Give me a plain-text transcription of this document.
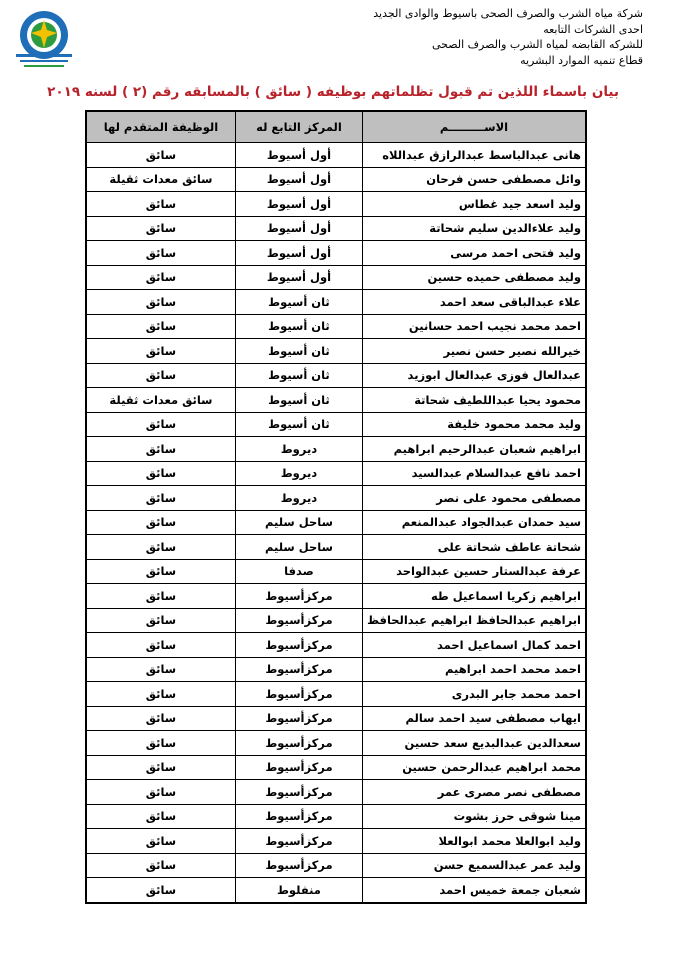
شركة مياه الشرب والصرف الصحى باسيوط والوادى الجديد
احدى الشركات التابعه
للشركه القابضه لمياه الشرب والصرف الصحى
قطاع تنميه الموارد البشريه
بيان باسماء اللذين تم قبول تظلماتهم بوظيفه ( سائق ) بالمسابقه رقم (٢ ) لسنه ٢٠١٩
الاســـــــــم	المركز التابع له	الوظيفة المتقدم لها
هانى عبدالباسط عبدالرازق عبداللاه	أول أسيوط	سائق
وائل مصطفى حسن فرحان	أول أسيوط	سائق معدات ثقيلة
وليد اسعد جيد غطاس	أول أسيوط	سائق
وليد علاءالدين سليم شحاتة	أول أسيوط	سائق
وليد فتحى احمد مرسى	أول أسيوط	سائق
وليد مصطفى حميده حسين	أول أسيوط	سائق
علاء عبدالباقى سعد احمد	ثان أسيوط	سائق
احمد محمد نجيب احمد حسانين	ثان أسيوط	سائق
خيرالله نصير حسن نصير	ثان أسيوط	سائق
عبدالعال فوزى عبدالعال ابوزيد	ثان أسيوط	سائق
محمود يحيا عبداللطيف شحاتة	ثان أسيوط	سائق معدات ثقيلة
وليد محمد محمود خليفة	ثان أسيوط	سائق
ابراهيم شعبان عبدالرحيم ابراهيم	ديروط	سائق
احمد نافع عبدالسلام عبدالسيد	ديروط	سائق
مصطفى محمود على نصر	ديروط	سائق
سيد حمدان عبدالجواد عبدالمنعم	ساحل سليم	سائق
شحاتة عاطف شحاتة على	ساحل سليم	سائق
عرفة عبدالستار حسين عبدالواحد	صدفا	سائق
ابراهيم زكريا اسماعيل طه	مركزأسيوط	سائق
ابراهيم عبدالحافظ ابراهيم عبدالحافظ	مركزأسيوط	سائق
احمد كمال اسماعيل احمد	مركزأسيوط	سائق
احمد محمد احمد ابراهيم	مركزأسيوط	سائق
احمد محمد جابر البدرى	مركزأسيوط	سائق
ايهاب مصطفى سيد احمد سالم	مركزأسيوط	سائق
سعدالدين عبدالبديع سعد حسين	مركزأسيوط	سائق
محمد ابراهيم عبدالرحمن حسين	مركزأسيوط	سائق
مصطفى نصر مصرى عمر	مركزأسيوط	سائق
مينا شوقى حرز بشوت	مركزأسيوط	سائق
وليد ابوالعلا محمد ابوالعلا	مركزأسيوط	سائق
وليد عمر عبدالسميع حسن	مركزأسيوط	سائق
شعبان جمعة خميس احمد	منفلوط	سائق
